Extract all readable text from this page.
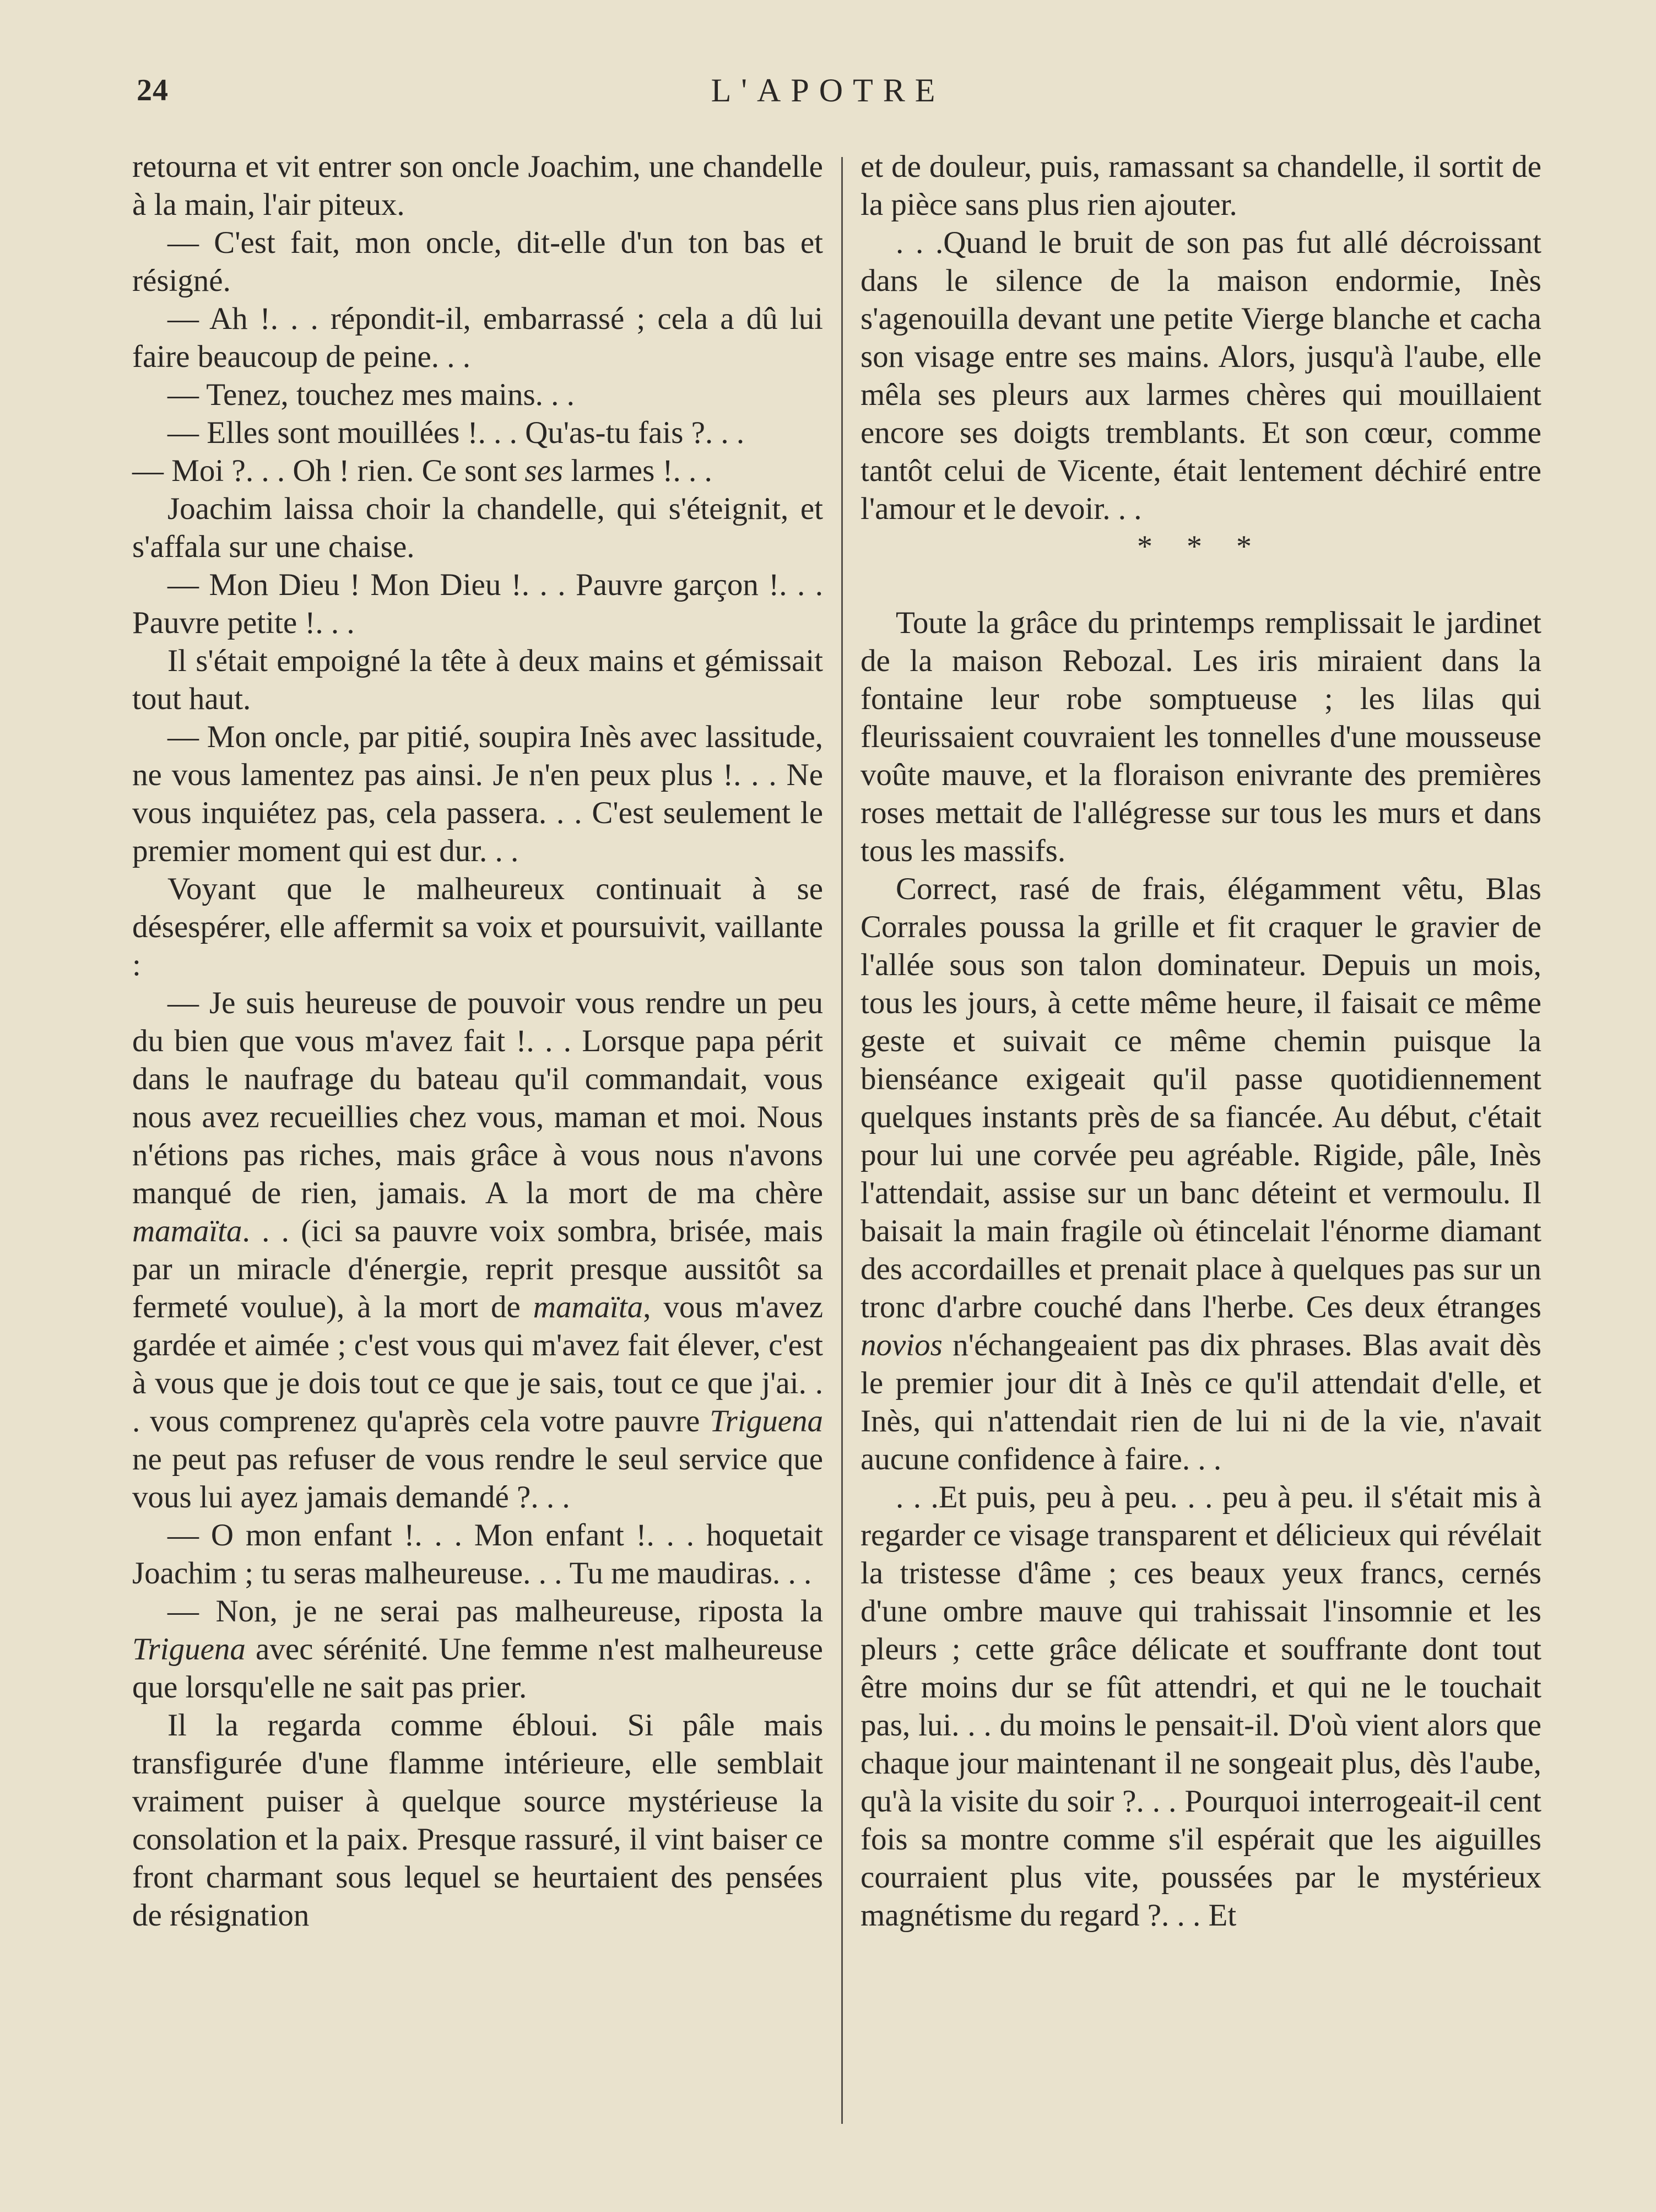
24	L'APOTRE

retourna et vit entrer son oncle Joachim, une chandelle à la main, l'air piteux.

— C'est fait, mon oncle, dit-elle d'un ton bas et résigné.

— Ah !. . . répondit-il, embarrassé ; cela a dû lui faire beaucoup de peine. . .

— Tenez, touchez mes mains. . .

— Elles sont mouillées !. . . Qu'as-tu fais ?. . .

— Moi ?. . . Oh ! rien. Ce sont ses larmes !. . .

Joachim laissa choir la chandelle, qui s'éteignit, et s'affala sur une chaise.

— Mon Dieu ! Mon Dieu !. . . Pauvre garçon !. . . Pauvre petite !. . .

Il s'était empoigné la tête à deux mains et gémissait tout haut.

— Mon oncle, par pitié, soupira Inès avec lassitude, ne vous lamentez pas ainsi. Je n'en peux plus !. . . Ne vous inquiétez pas, cela passera. . . C'est seulement le premier moment qui est dur. . .

Voyant que le malheureux continuait à se désespérer, elle affermit sa voix et poursuivit, vaillante :

— Je suis heureuse de pouvoir vous rendre un peu du bien que vous m'avez fait !. . . Lorsque papa périt dans le naufrage du bateau qu'il commandait, vous nous avez recueillies chez vous, maman et moi. Nous n'étions pas riches, mais grâce à vous nous n'avons manqué de rien, jamais. A la mort de ma chère mamaïta. . . (ici sa pauvre voix sombra, brisée, mais par un miracle d'énergie, reprit presque aussitôt sa fermeté voulue), à la mort de mamaïta, vous m'avez gardée et aimée ; c'est vous qui m'avez fait élever, c'est à vous que je dois tout ce que je sais, tout ce que j'ai. . . vous comprenez qu'après cela votre pauvre Triguena ne peut pas refuser de vous rendre le seul service que vous lui ayez jamais demandé ?. . .

— O mon enfant !. . . Mon enfant !. . . hoquetait Joachim ; tu seras malheureuse. . . Tu me maudiras. . .

— Non, je ne serai pas malheureuse, riposta la Triguena avec sérénité. Une femme n'est malheureuse que lorsqu'elle ne sait pas prier.

Il la regarda comme ébloui. Si pâle mais transfigurée d'une flamme intérieure, elle semblait vraiment puiser à quelque source mystérieuse la consolation et la paix. Presque rassuré, il vint baiser ce front charmant sous lequel se heurtaient des pensées de résignation

et de douleur, puis, ramassant sa chandelle, il sortit de la pièce sans plus rien ajouter.

. . .Quand le bruit de son pas fut allé décroissant dans le silence de la maison endormie, Inès s'agenouilla devant une petite Vierge blanche et cacha son visage entre ses mains. Alors, jusqu'à l'aube, elle mêla ses pleurs aux larmes chères qui mouillaient encore ses doigts tremblants. Et son cœur, comme tantôt celui de Vicente, était lentement déchiré entre l'amour et le devoir. . .

* * *

Toute la grâce du printemps remplissait le jardinet de la maison Rebozal. Les iris miraient dans la fontaine leur robe somptueuse ; les lilas qui fleurissaient couvraient les tonnelles d'une mousseuse voûte mauve, et la floraison enivrante des premières roses mettait de l'allégresse sur tous les murs et dans tous les massifs.

Correct, rasé de frais, élégamment vêtu, Blas Corrales poussa la grille et fit craquer le gravier de l'allée sous son talon dominateur. Depuis un mois, tous les jours, à cette même heure, il faisait ce même geste et suivait ce même chemin puisque la bienséance exigeait qu'il passe quotidiennement quelques instants près de sa fiancée. Au début, c'était pour lui une corvée peu agréable. Rigide, pâle, Inès l'attendait, assise sur un banc déteint et vermoulu. Il baisait la main fragile où étincelait l'énorme diamant des accordailles et prenait place à quelques pas sur un tronc d'arbre couché dans l'herbe. Ces deux étranges novios n'échangeaient pas dix phrases. Blas avait dès le premier jour dit à Inès ce qu'il attendait d'elle, et Inès, qui n'attendait rien de lui ni de la vie, n'avait aucune confidence à faire. . .

. . .Et puis, peu à peu. . . peu à peu. il s'était mis à regarder ce visage transparent et délicieux qui révélait la tristesse d'âme ; ces beaux yeux francs, cernés d'une ombre mauve qui trahissait l'insomnie et les pleurs ; cette grâce délicate et souffrante dont tout être moins dur se fût attendri, et qui ne le touchait pas, lui. . . du moins le pensait-il. D'où vient alors que chaque jour maintenant il ne songeait plus, dès l'aube, qu'à la visite du soir ?. . . Pourquoi interrogeait-il cent fois sa montre comme s'il espérait que les aiguilles courraient plus vite, poussées par le mystérieux magnétisme du regard ?. . . Et
